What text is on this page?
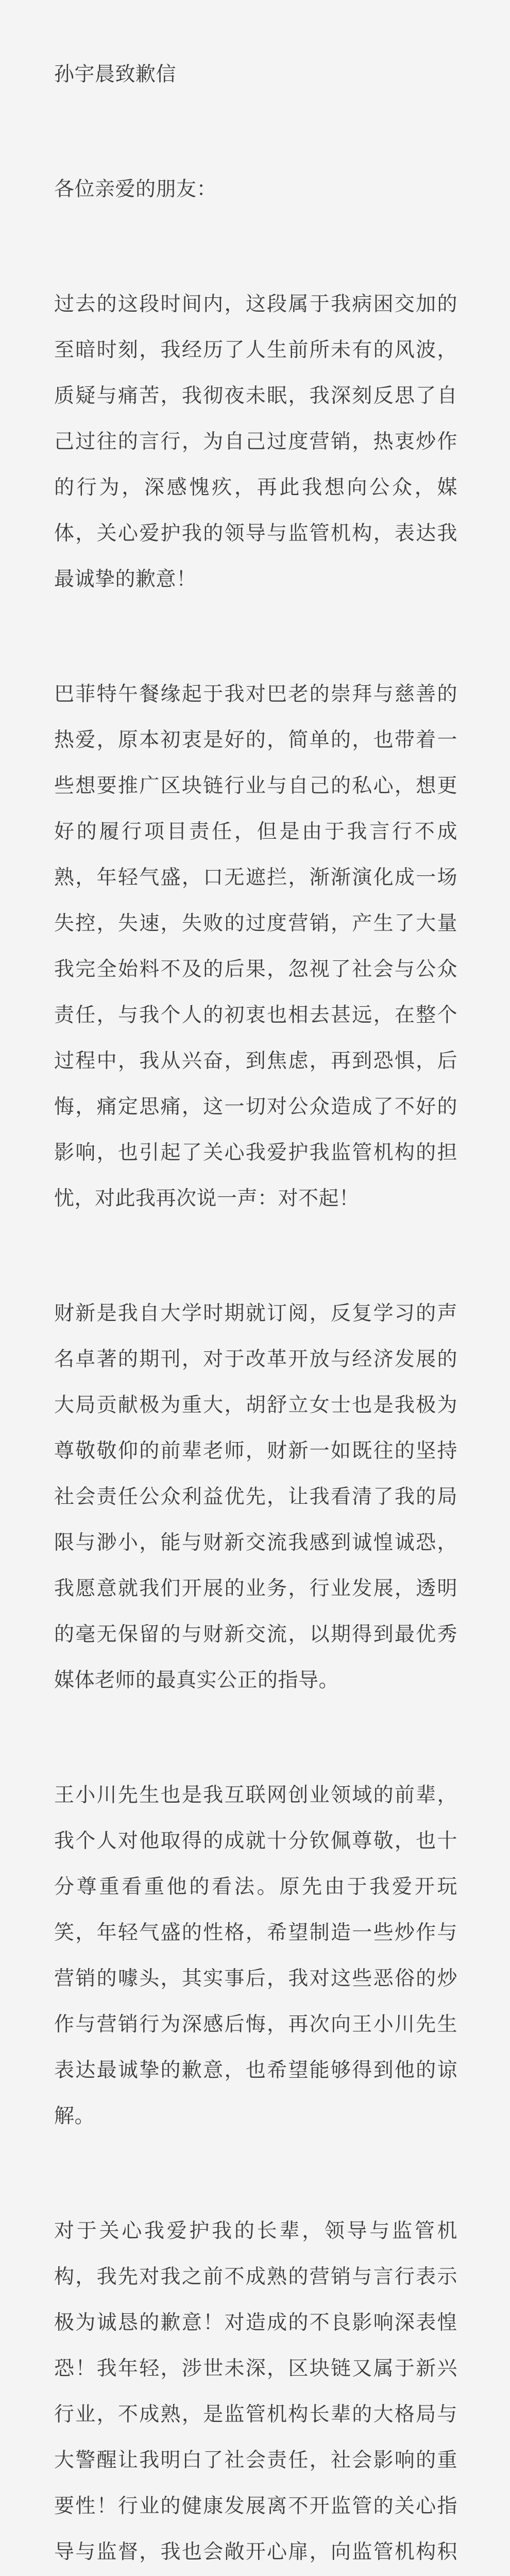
孙宇晨致歉信

各位亲爱的朋友：

过去的这段时间内，这段属于我病困交加的至暗时刻，我经历了人生前所未有的风波，质疑与痛苦，我彻夜未眠，我深刻反思了自己过往的言行，为自己过度营销，热衷炒作的行为，深感愧疚，再此我想向公众，媒体，关心爱护我的领导与监管机构，表达我最诚挚的歉意！

巴菲特午餐缘起于我对巴老的崇拜与慈善的热爱，原本初衷是好的，简单的，也带着一些想要推广区块链行业与自己的私心，想更好的履行项目责任，但是由于我言行不成熟，年轻气盛，口无遮拦，渐渐演化成一场失控，失速，失败的过度营销，产生了大量我完全始料不及的后果，忽视了社会与公众责任，与我个人的初衷也相去甚远，在整个过程中，我从兴奋，到焦虑，再到恐惧，后悔，痛定思痛，这一切对公众造成了不好的影响，也引起了关心我爱护我监管机构的担忧，对此我再次说一声：对不起！

财新是我自大学时期就订阅，反复学习的声名卓著的期刊，对于改革开放与经济发展的大局贡献极为重大，胡舒立女士也是我极为尊敬敬仰的前辈老师，财新一如既往的坚持社会责任公众利益优先，让我看清了我的局限与渺小，能与财新交流我感到诚惶诚恐，我愿意就我们开展的业务，行业发展，透明的毫无保留的与财新交流，以期得到最优秀媒体老师的最真实公正的指导。

王小川先生也是我互联网创业领域的前辈，我个人对他取得的成就十分钦佩尊敬，也十分尊重看重他的看法。原先由于我爱开玩笑，年轻气盛的性格，希望制造一些炒作与营销的噱头，其实事后，我对这些恶俗的炒作与营销行为深感后悔，再次向王小川先生表达最诚挚的歉意，也希望能够得到他的谅解。

对于关心我爱护我的长辈，领导与监管机构，我先对我之前不成熟的营销与言行表示极为诚恳的歉意！对造成的不良影响深表惶恐！我年轻，涉世未深，区块链又属于新兴行业，不成熟，是监管机构长辈的大格局与大警醒让我明白了社会责任，社会影响的重要性！行业的健康发展离不开监管的关心指导与监督，我也会敞开心扉，向监管机构积
